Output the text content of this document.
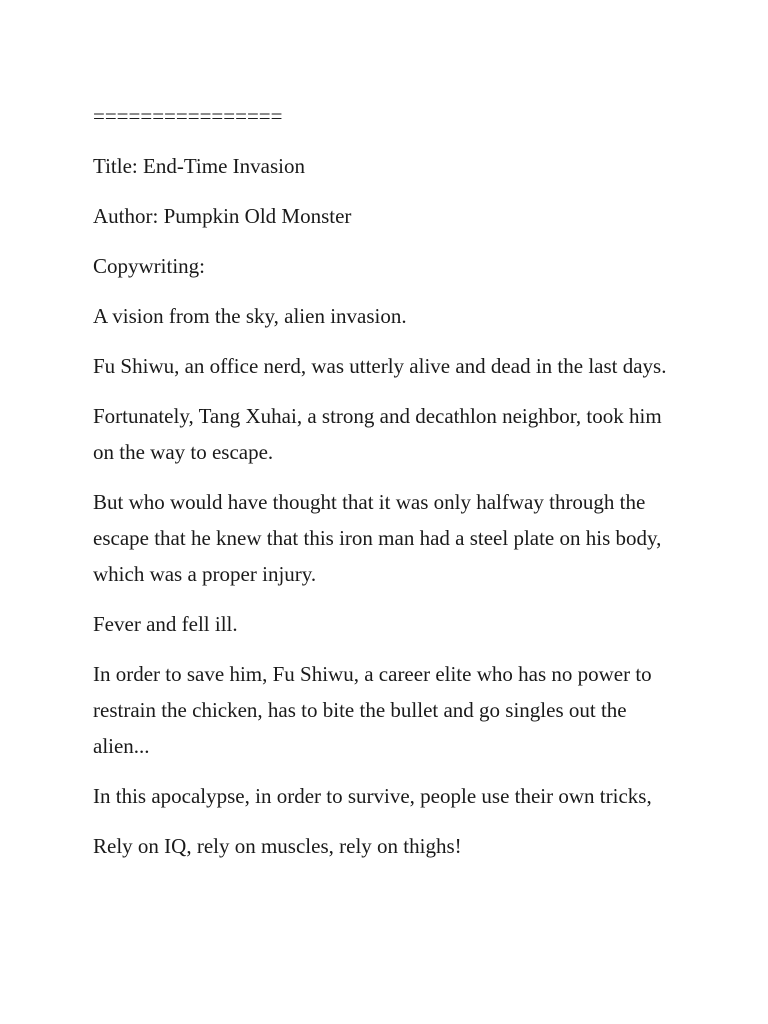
================
Title: End-Time Invasion
Author: Pumpkin Old Monster
Copywriting:
A vision from the sky, alien invasion.
Fu Shiwu, an office nerd, was utterly alive and dead in the last days.
Fortunately, Tang Xuhai, a strong and decathlon neighbor, took him on the way to escape.
But who would have thought that it was only halfway through the escape that he knew that this iron man had a steel plate on his body, which was a proper injury.
Fever and fell ill.
In order to save him, Fu Shiwu, a career elite who has no power to restrain the chicken, has to bite the bullet and go singles out the alien...
In this apocalypse, in order to survive, people use their own tricks,
Rely on IQ, rely on muscles, rely on thighs!
